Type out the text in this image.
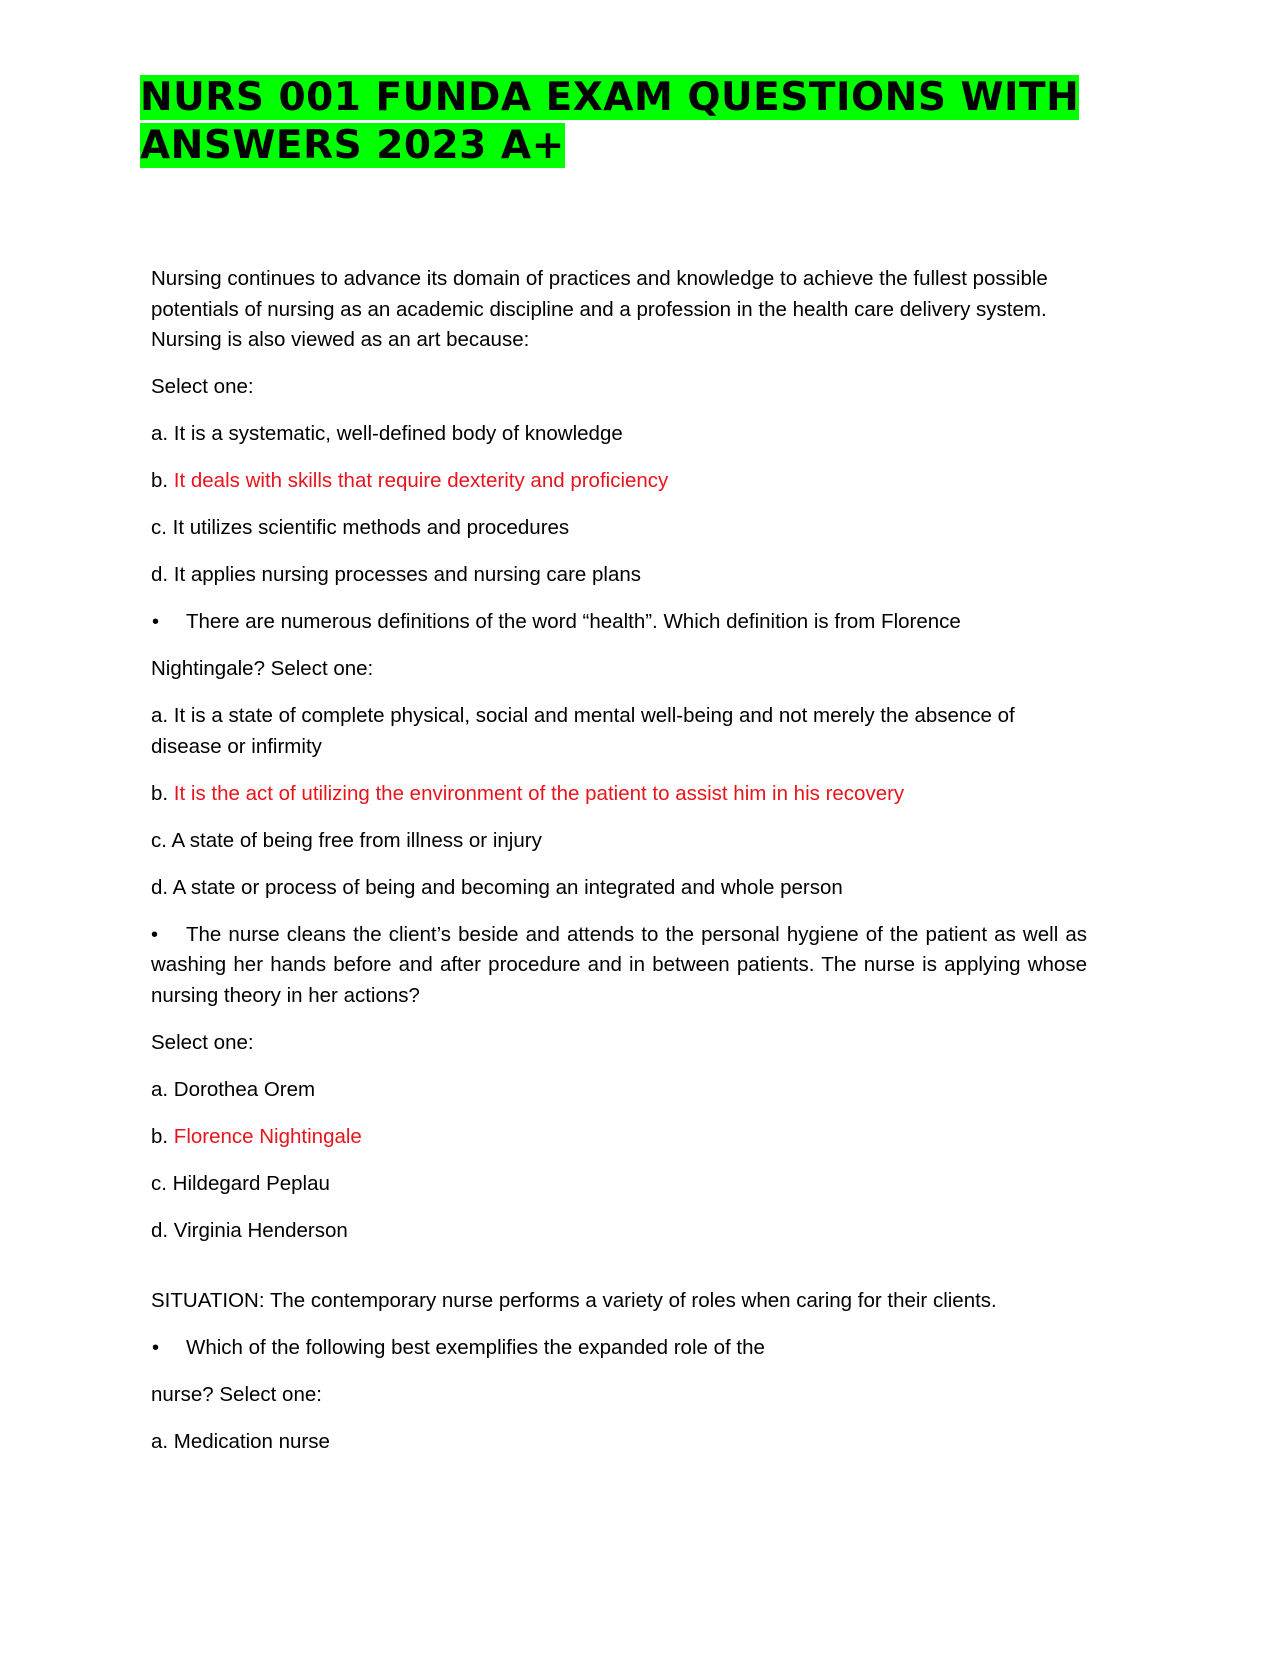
NURS 001 FUNDA EXAM QUESTIONS WITH ANSWERS 2023 A+

Nursing continues to advance its domain of practices and knowledge to achieve the fullest possible potentials of nursing as an academic discipline and a profession in the health care delivery system. Nursing is also viewed as an art because:

Select one:

a. It is a systematic, well-defined body of knowledge

b. It deals with skills that require dexterity and proficiency

c. It utilizes scientific methods and procedures

d. It applies nursing processes and nursing care plans

• There are numerous definitions of the word “health”. Which definition is from Florence

Nightingale? Select one:

a. It is a state of complete physical, social and mental well-being and not merely the absence of disease or infirmity

b. It is the act of utilizing the environment of the patient to assist him in his recovery

c. A state of being free from illness or injury

d. A state or process of being and becoming an integrated and whole person

• The nurse cleans the client’s beside and attends to the personal hygiene of the patient as well as washing her hands before and after procedure and in between patients. The nurse is applying whose nursing theory in her actions?

Select one:

a. Dorothea Orem

b. Florence Nightingale

c. Hildegard Peplau

d. Virginia Henderson

SITUATION: The contemporary nurse performs a variety of roles when caring for their clients.

• Which of the following best exemplifies the expanded role of the

nurse? Select one:

a. Medication nurse
